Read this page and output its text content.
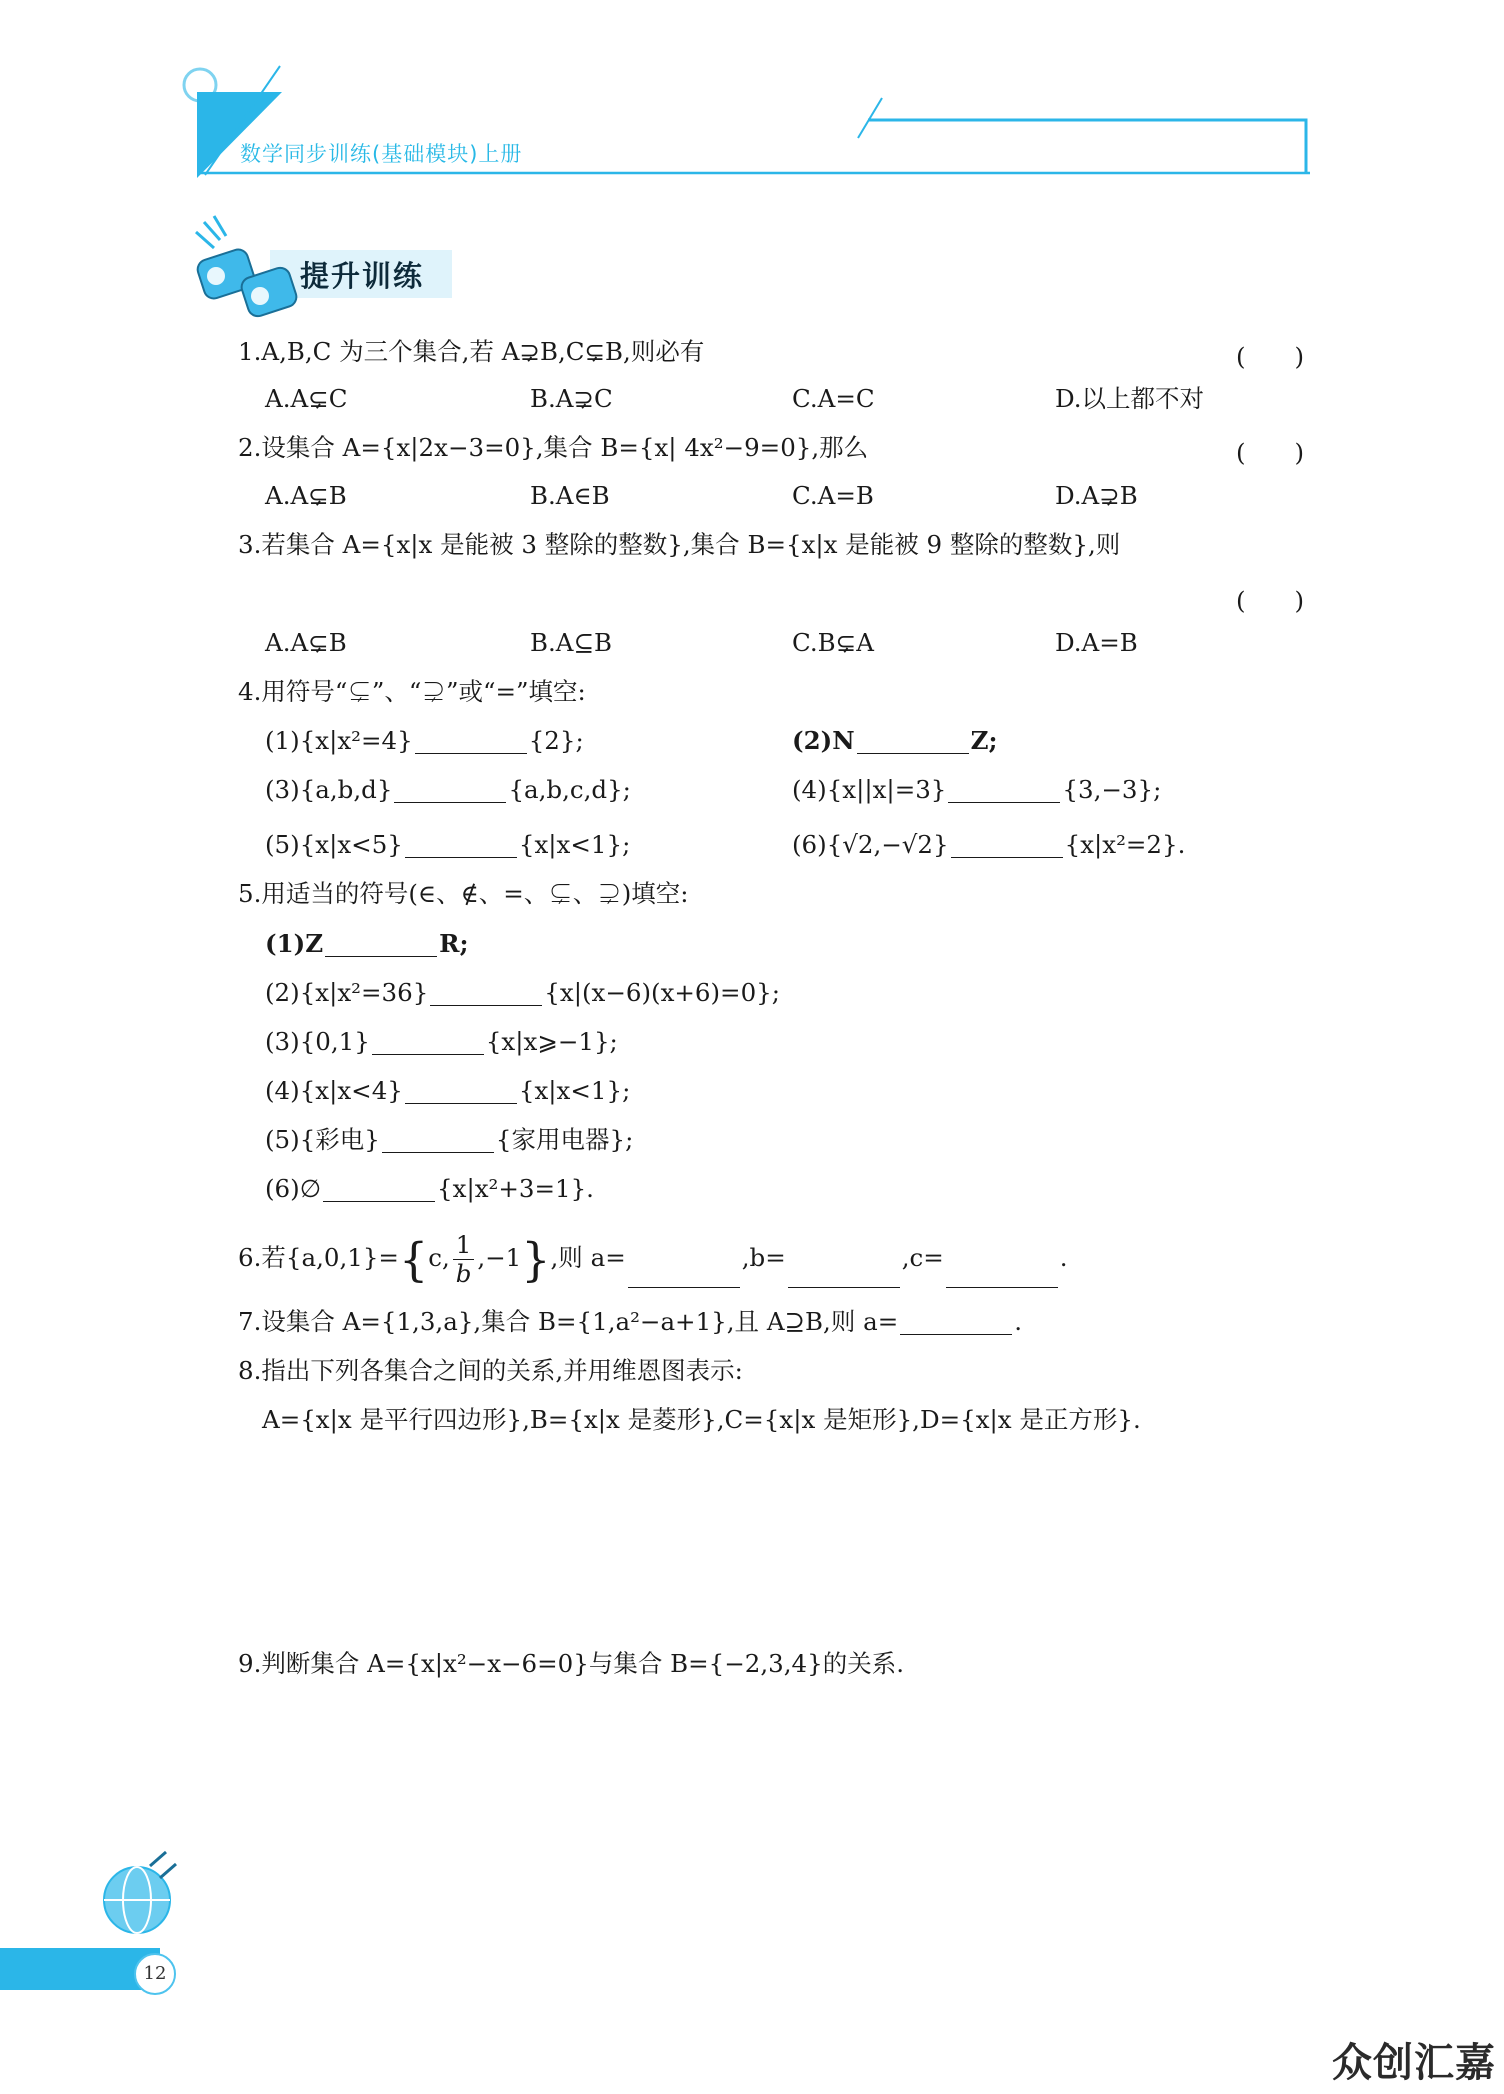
数学同步训练(基础模块)上册
提升训练
1.A,B,C 为三个集合,若 A⊋B,C⊊B,则必有	(　　)
A.A⊊C	B.A⊋C	C.A=C	D.以上都不对
2.设集合 A={x|2x−3=0},集合 B={x| 4x²−9=0},那么	(　　)
A.A⊊B	B.A∈B	C.A=B	D.A⊋B
3.若集合 A={x|x 是能被 3 整除的整数},集合 B={x|x 是能被 9 整除的整数},则
(　　)
A.A⊊B	B.A⊆B	C.B⊊A	D.A=B
4.用符号“⊊”、“⊋”或“=”填空:
(1){x|x²=4}	{2};	(2)N	Z;
(3){a,b,d}	{a,b,c,d};	(4){x||x|=3}	{3,−3};
(5){x|x<5}	{x|x<1};	(6){√2,−√2}	{x|x²=2}.
5.用适当的符号(∈、∉、=、⊊、⊋)填空:
(1)Z	R;
(2){x|x²=36}	{x|(x−6)(x+6)=0};
(3){0,1}	{x|x⩾−1};
(4){x|x<4}	{x|x<1};
(5){彩电}	{家用电器};
(6)∅	{x|x²+3=1}.
6.若{a,0,1}={c, $\frac{1}{b} ,-1$},则 a=	,b=	,c=	.
7.设集合 A={1,3,a},集合 B={1,a²−a+1},且 A⊇B,则 a=	.
8.指出下列各集合之间的关系,并用维恩图表示:
A={x|x 是平行四边形},B={x|x 是菱形},C={x|x 是矩形},D={x|x 是正方形}.
9.判断集合 A={x|x²−x−6=0}与集合 B={−2,3,4}的关系.
12
众创汇嘉
